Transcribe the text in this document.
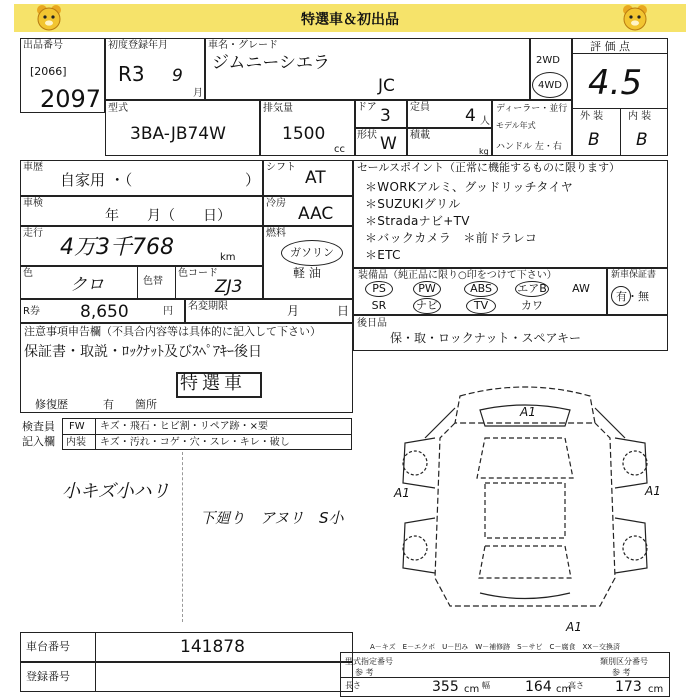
特選車＆初出品
出品番号
[2066]
2097
初度登録年月
R3 9
月
車名・グレード
ジムニーシエラ
JC
2WD
4WD
評 価 点
4.5
外 装 内 装
B B
型式
3BA-JB74W
排気量
1500
cc
ドア 3 定員 4 人
形状 W 積載
kg
ディーラー・並行
モデル年式
ハンドル 左・右
車歴
自家用 ・（	）
車検
年　　月（　　日）
走行
4万3千768	km
色
クロ	色替
色コード
ZJ3
シフト
AT
冷房
AAC
燃料
ガソリン
軽 油
R券 8,650	円 名変期限	月	日
注意事項申告欄（不具合内容等は具体的に記入して下さい）
保証書・取説・ﾛｯｸﾅｯﾄ及びｽﾍﾟｱｷｰ後日
特選車
修復歴	有 箇所
検査員
記入欄
FW キズ・飛石・ヒビ割・リペア跡・×要
内装 キズ・汚れ・コゲ・穴・スレ・キレ・破し
小キズ小ハリ
下廻り　アヌリ　S小
セールスポイント（正常に機能するものに限ります）
＊WORKアルミ、グッドリッチタイヤ
＊SUZUKIグリル
＊Stradaナビ+TV
＊バックカメラ　＊前ドラレコ
＊ETC
装備品（純正品に限り○印をつけて下さい）
PS	PW	ABS	エアB	AW
SR	ナビ	TV	カワ
新車保証書
有・無
後日品
保・取・ロックナット・スペアキー
A1
A1	A1
A1
A－キズ　E－エクボ　U－凹み　W－補修跡　S－サビ　C－腐食　XX－交換済
車台番号	141878
登録番号
型式指定番号
参 考
類別区分番号
参 考
長さ	355 cm 幅	164 cm
高さ 173 cm
